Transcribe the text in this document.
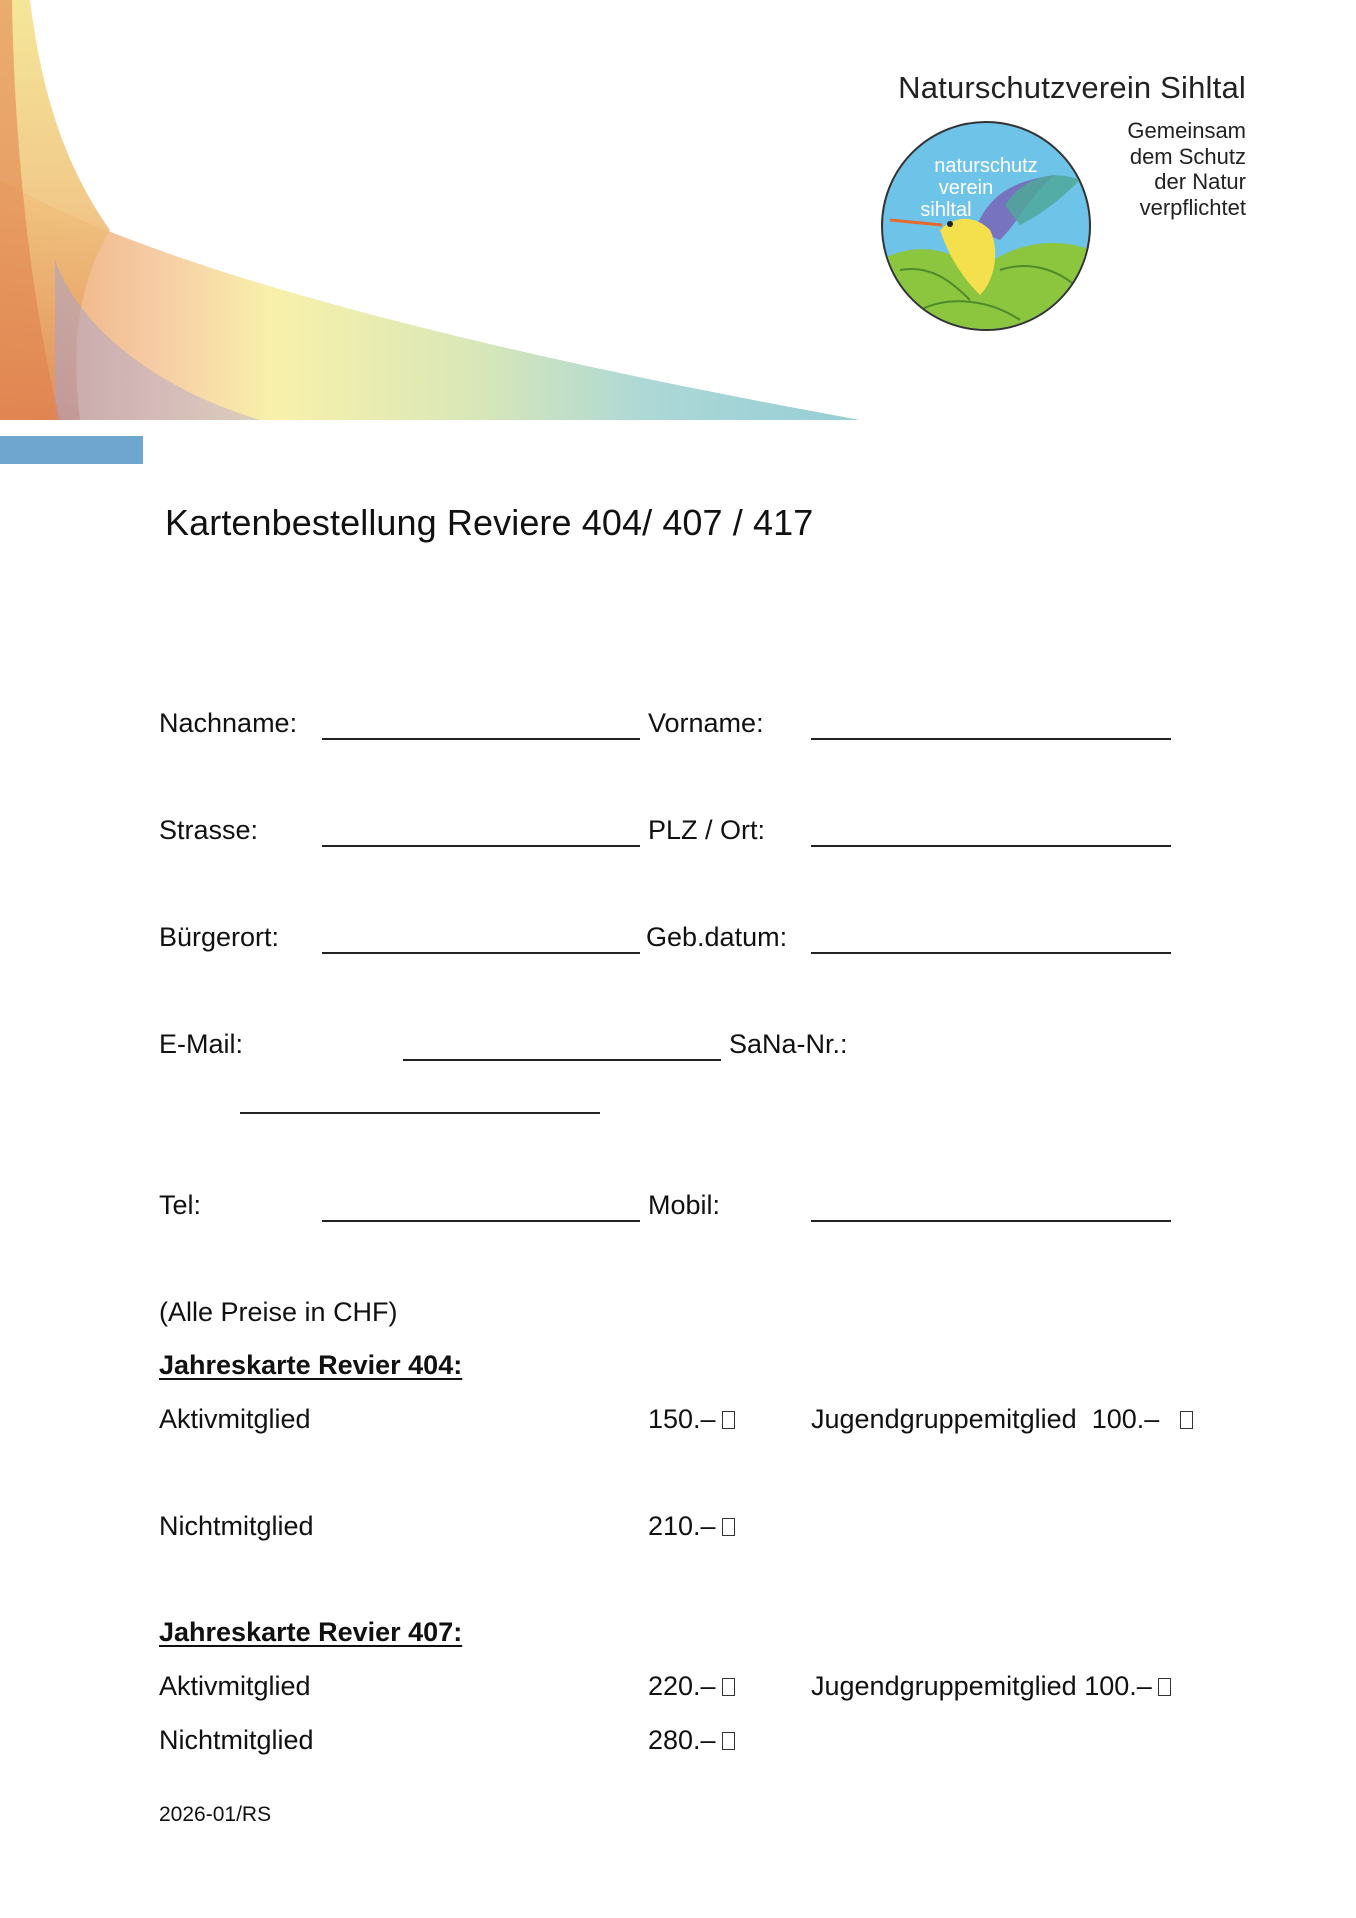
Naturschutzverein Sihltal
Gemeinsam
dem Schutz
der Natur
verpflichtet
naturschutz
verein
sihltal
Kartenbestellung Reviere 404/ 407 / 417
Nachname:	Vorname:
Strasse:	PLZ / Ort:
Bürgerort:	Geb.datum:
E-Mail:	SaNa-Nr.:
Tel:	Mobil:
(Alle Preise in CHF)
Jahreskarte Revier 404:
Aktivmitglied	150.–	Jugendgruppemitglied 100.–
Nichtmitglied	210.–
Jahreskarte Revier 407:
Aktivmitglied	220.–	Jugendgruppemitglied 100.–
Nichtmitglied	280.–
2026-01/RS
